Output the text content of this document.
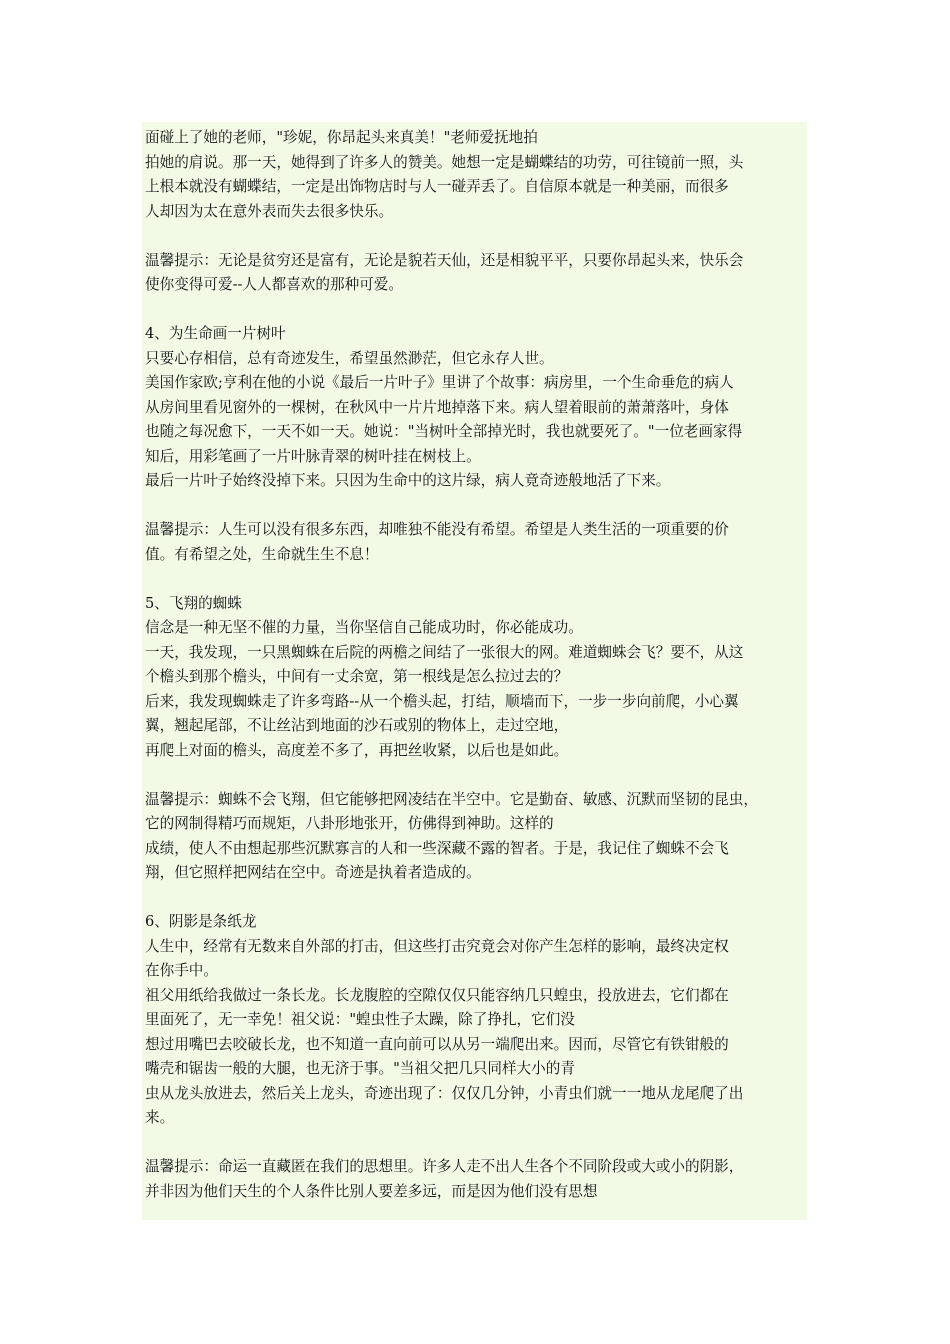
面碰上了她的老师，"珍妮，你昂起头来真美！"老师爱抚地拍
拍她的肩说。那一天，她得到了许多人的赞美。她想一定是蝴蝶结的功劳，可往镜前一照，头
上根本就没有蝴蝶结，一定是出饰物店时与人一碰弄丢了。自信原本就是一种美丽，而很多
人却因为太在意外表而失去很多快乐。
温馨提示：无论是贫穷还是富有，无论是貌若天仙，还是相貌平平，只要你昂起头来，快乐会
使你变得可爱--人人都喜欢的那种可爱。
4、为生命画一片树叶
只要心存相信，总有奇迹发生，希望虽然渺茫，但它永存人世。
美国作家欧;亨利在他的小说《最后一片叶子》里讲了个故事：病房里，一个生命垂危的病人
从房间里看见窗外的一棵树，在秋风中一片片地掉落下来。病人望着眼前的萧萧落叶，身体
也随之每况愈下，一天不如一天。她说："当树叶全部掉光时，我也就要死了。"一位老画家得
知后，用彩笔画了一片叶脉青翠的树叶挂在树枝上。
最后一片叶子始终没掉下来。只因为生命中的这片绿，病人竟奇迹般地活了下来。
温馨提示：人生可以没有很多东西，却唯独不能没有希望。希望是人类生活的一项重要的价
值。有希望之处，生命就生生不息！
5、飞翔的蜘蛛
信念是一种无坚不催的力量，当你坚信自己能成功时，你必能成功。
一天，我发现，一只黑蜘蛛在后院的两檐之间结了一张很大的网。难道蜘蛛会飞？要不，从这
个檐头到那个檐头，中间有一丈余宽，第一根线是怎么拉过去的？
后来，我发现蜘蛛走了许多弯路--从一个檐头起，打结，顺墙而下，一步一步向前爬，小心翼
翼，翘起尾部，不让丝沾到地面的沙石或别的物体上，走过空地，
再爬上对面的檐头，高度差不多了，再把丝收紧，以后也是如此。
温馨提示：蜘蛛不会飞翔，但它能够把网凌结在半空中。它是勤奋、敏感、沉默而坚韧的昆虫，
它的网制得精巧而规矩，八卦形地张开，仿佛得到神助。这样的
成绩，使人不由想起那些沉默寡言的人和一些深藏不露的智者。于是，我记住了蜘蛛不会飞
翔，但它照样把网结在空中。奇迹是执着者造成的。
6、阴影是条纸龙
人生中，经常有无数来自外部的打击，但这些打击究竟会对你产生怎样的影响，最终决定权
在你手中。
祖父用纸给我做过一条长龙。长龙腹腔的空隙仅仅只能容纳几只蝗虫，投放进去，它们都在
里面死了，无一幸免！祖父说："蝗虫性子太躁，除了挣扎，它们没
想过用嘴巴去咬破长龙，也不知道一直向前可以从另一端爬出来。因而，尽管它有铁钳般的
嘴壳和锯齿一般的大腿，也无济于事。"当祖父把几只同样大小的青
虫从龙头放进去，然后关上龙头，奇迹出现了：仅仅几分钟，小青虫们就一一地从龙尾爬了出
来。
温馨提示：命运一直藏匿在我们的思想里。许多人走不出人生各个不同阶段或大或小的阴影，
并非因为他们天生的个人条件比别人要差多远，而是因为他们没有思想
